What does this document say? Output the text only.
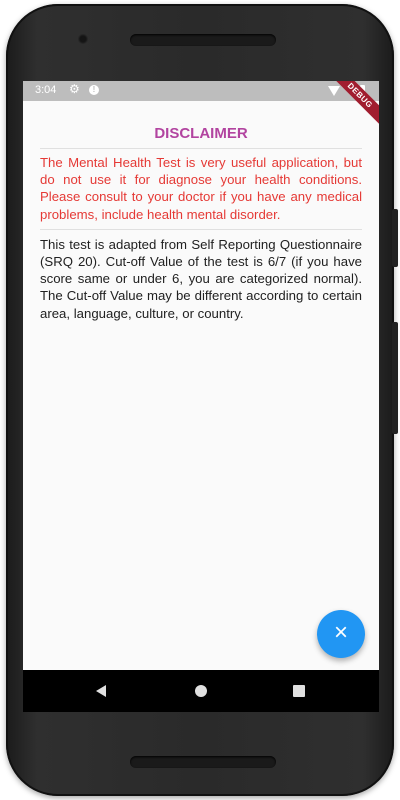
3:04 ⚙	!	DEBUG
DISCLAIMER
The Mental Health Test is very useful application, but do not use it for diagnose your health conditions. Please consult to your doctor if you have any medical problems, include health mental disorder.
This test is adapted from Self Reporting Questionnaire (SRQ 20). Cut-off Value of the test is 6/7 (if you have score same or under 6, you are categorized normal). The Cut-off Value may be different according to certain area, language, culture, or country.
×
